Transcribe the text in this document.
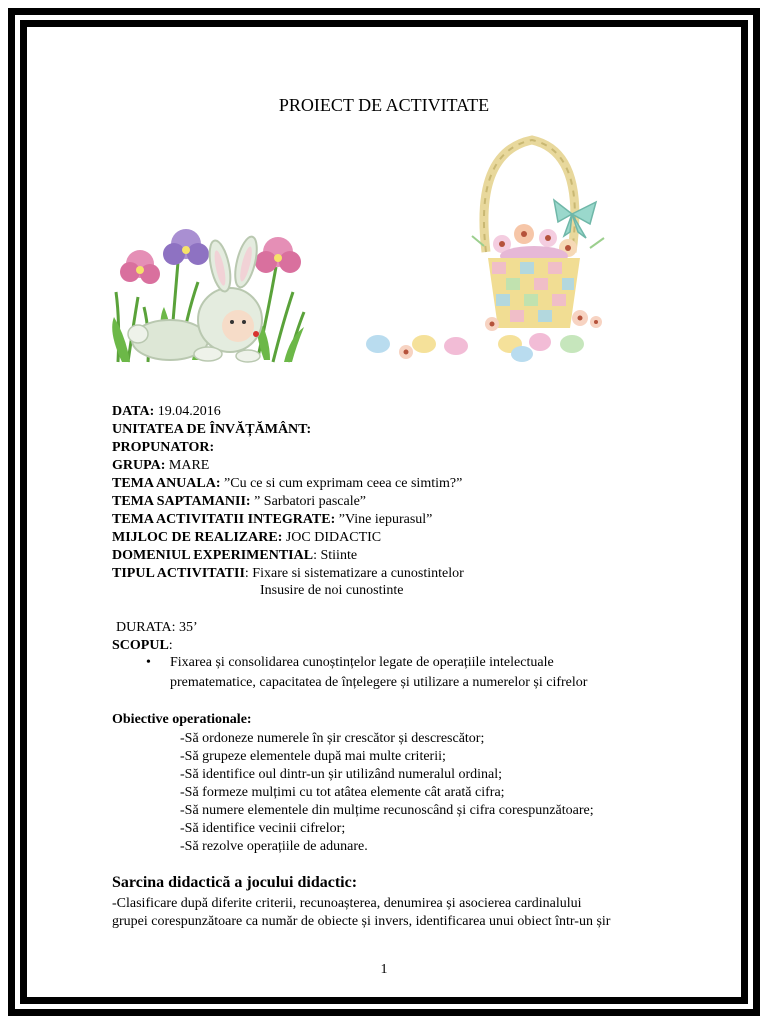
PROIECT DE ACTIVITATE
DATA: 19.04.2016
UNITATEA DE ÎNVĂȚĂMÂNT:
PROPUNATOR:
GRUPA: MARE
TEMA ANUALA: ”Cu ce si cum exprimam ceea ce simtim?”
TEMA SAPTAMANII: ” Sarbatori pascale”
TEMA ACTIVITATII INTEGRATE: ”Vine iepurasul”
MIJLOC DE REALIZARE: JOC DIDACTIC
DOMENIUL EXPERIMENTIAL: Stiinte
TIPUL ACTIVITATII: Fixare si sistematizare a cunostintelor
Insusire de noi cunostinte
DURATA: 35’
SCOPUL:
• Fixarea și consolidarea cunoștințelor legate de operațiile intelectuale
prematematice, capacitatea de înțelegere și utilizare a numerelor și cifrelor
Obiective operationale:
-Să ordoneze numerele în șir crescător și descrescător;
-Să grupeze elementele după mai multe criterii;
-Să identifice oul dintr-un șir utilizând numeralul ordinal;
-Să formeze mulțimi cu tot atâtea elemente cât arată cifra;
-Să numere elementele din mulțime recunoscând și cifra corespunzătoare;
-Să identifice vecinii cifrelor;
-Să rezolve operațiile de adunare.
Sarcina didactică a jocului didactic:
-Clasificare după diferite criterii, recunoașterea, denumirea și asocierea cardinalului
grupei corespunzătoare ca număr de obiecte și invers, identificarea unui obiect într-un șir
1
